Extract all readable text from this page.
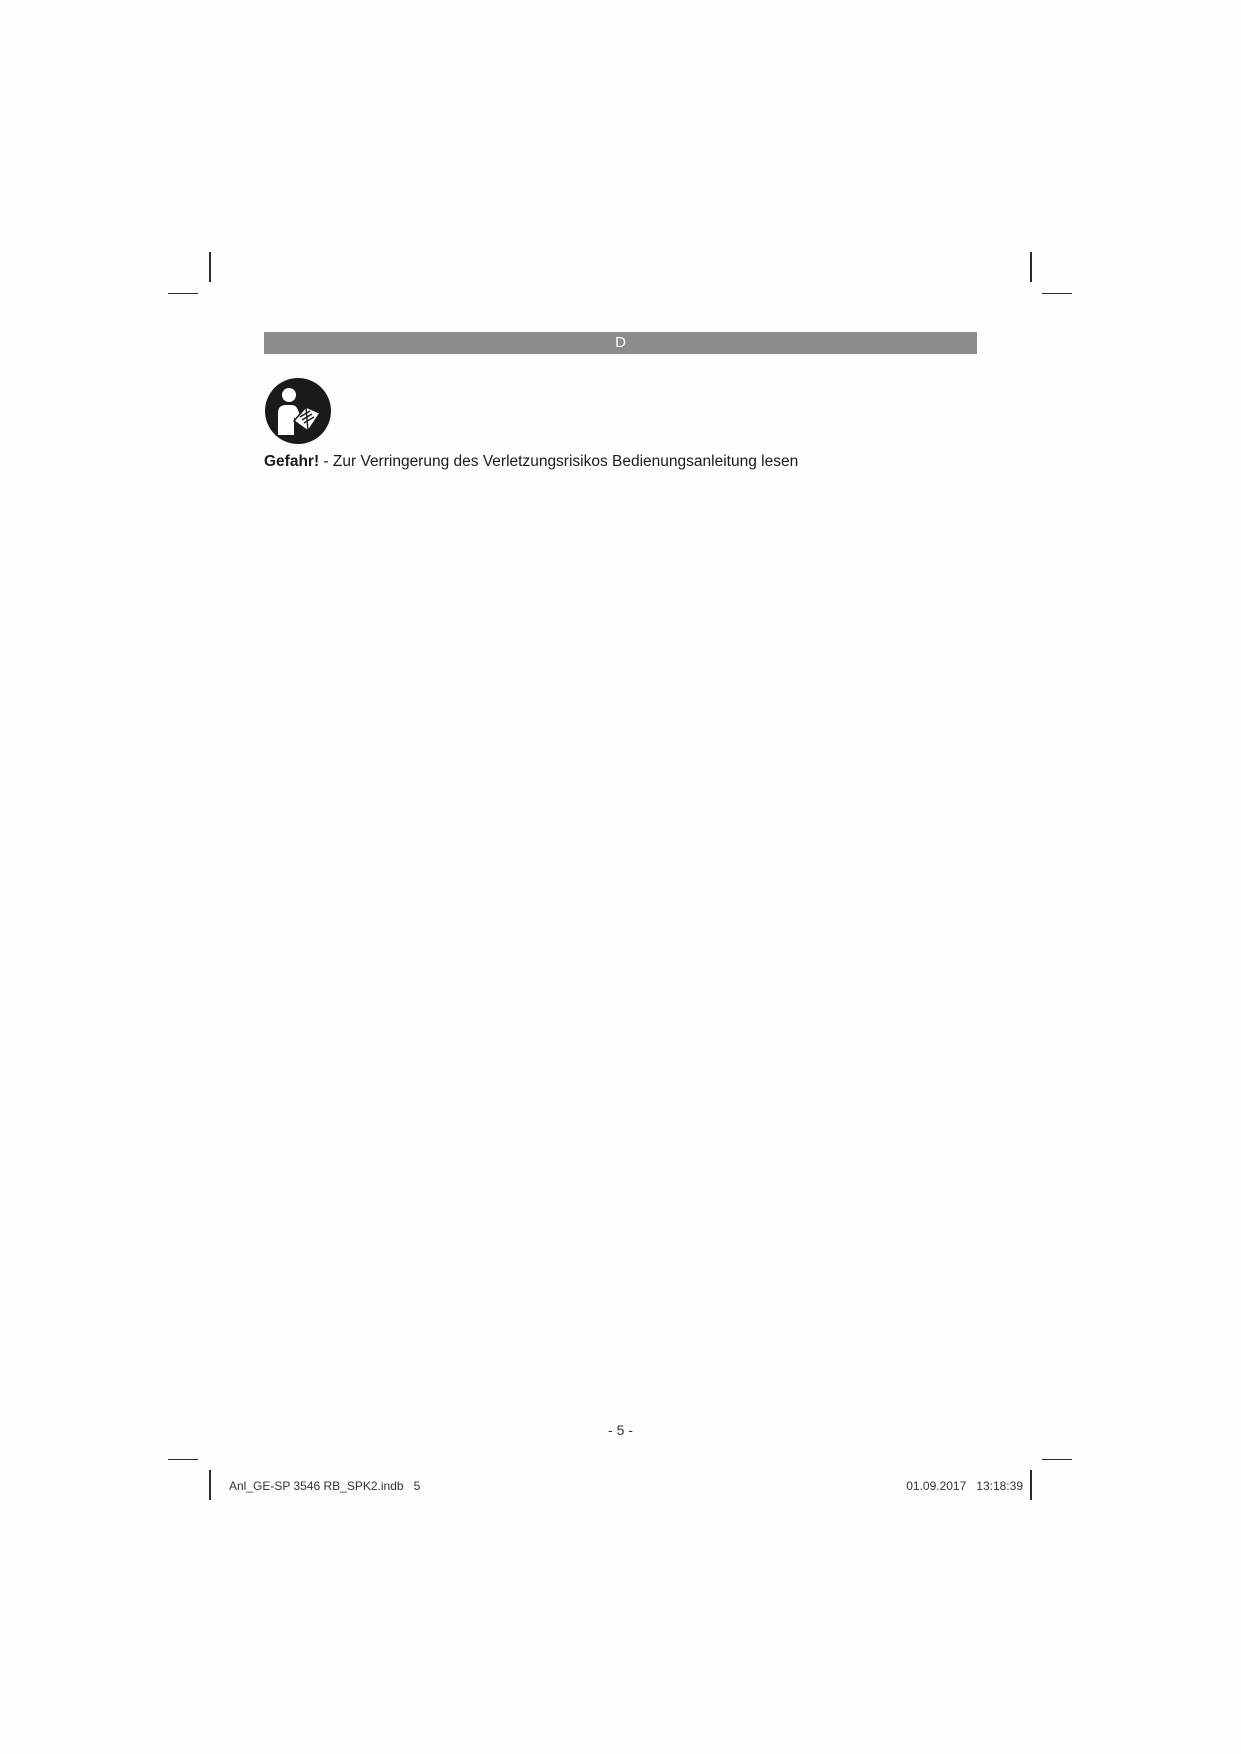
D
Gefahr! - Zur Verringerung des Verletzungsrisikos Bedienungsanleitung lesen
- 5 -
Anl_GE-SP 3546 RB_SPK2.indb 5	01.09.2017 13:18:39
